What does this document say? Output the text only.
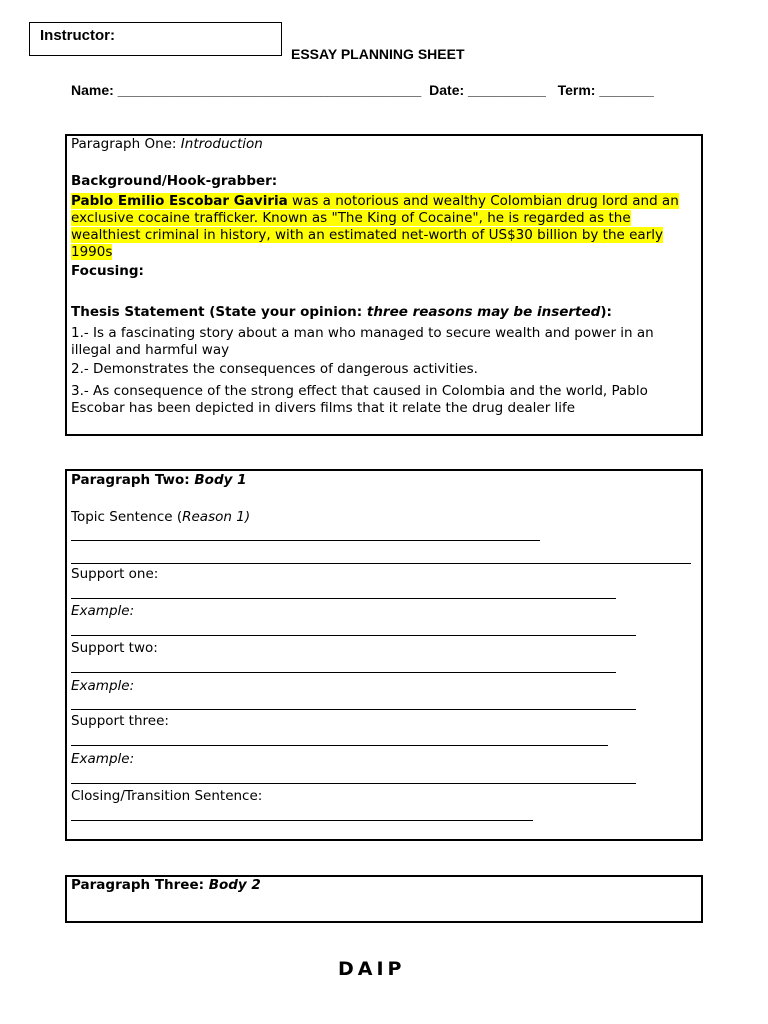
Instructor:
ESSAY PLANNING SHEET
Name: _______________________________________ Date: __________ Term: _______
Paragraph One: Introduction
Background/Hook-grabber:
Pablo Emilio Escobar Gaviria was a notorious and wealthy Colombian drug lord and an
exclusive cocaine trafficker. Known as "The King of Cocaine", he is regarded as the
wealthiest criminal in history, with an estimated net-worth of US$30 billion by the early
1990s
Focusing:
Thesis Statement (State your opinion: three reasons may be inserted):
1.- Is a fascinating story about a man who managed to secure wealth and power in an
illegal and harmful way
2.- Demonstrates the consequences of dangerous activities.
3.- As consequence of the strong effect that caused in Colombia and the world, Pablo
Escobar has been depicted in divers films that it relate the drug dealer life
Paragraph Two: Body 1
Topic Sentence (Reason 1)
Support one:
Example:
Support two:
Example:
Support three:
Example:
Closing/Transition Sentence:
Paragraph Three: Body 2
DAIP
